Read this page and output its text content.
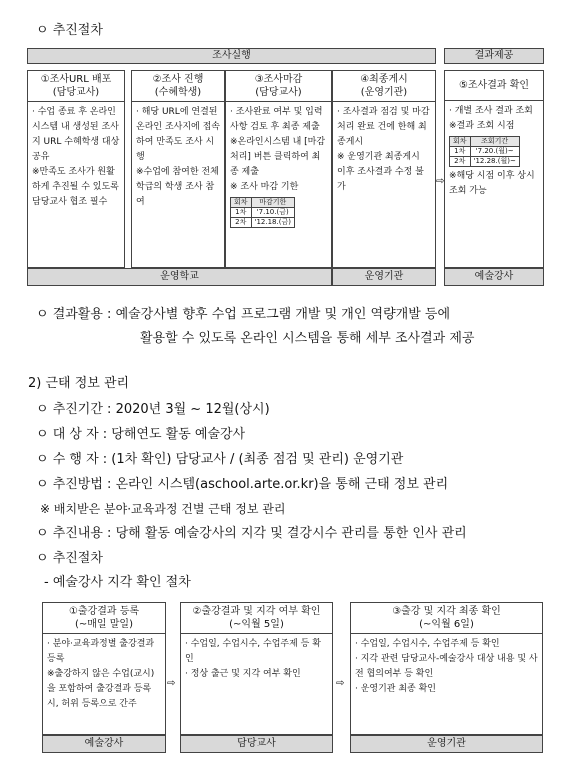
ㅇ 추진절차
조사실행	결과제공
①조사URL 배포
(담당교사)
· 수업 종료 후 온라인시스템 내 생성된 조사지 URL 수혜학생 대상 공유
※만족도 조사가 원활하게 추진될 수 있도록 담당교사 협조 필수
②조사 진행
(수혜학생)
· 해당 URL에 연결된 온라인 조사지에 접속하여 만족도 조사 시행
※수업에 참여한 전체 학급의 학생 조사 참여
③조사마감
(담당교사)
· 조사완료 여부 및 입력사항 검토 후 최종 제출
※온라인시스템 내 [마감처리] 버튼 클릭하여 최종 제출
※ 조사 마감 기한
회차	마감기한
1차	'7.10.(금)
2차	'12.18.(금)
④최종게시
(운영기관)
· 조사결과 점검 및 마감처리 완료 건에 한해 최종게시
※ 운영기관 최종게시 이후 조사결과 수정 불가	⇨
⑤조사결과 확인
· 개별 조사 결과 조회
※결과 조회 시점
회차	조회기간
1차	'7.20.(월)~
2차	'12.28.(월)~
※해당 시점 이후 상시 조회 가능
운영학교	운영기관	예술강사
ㅇ 결과활용 : 예술강사별 향후 수업 프로그램 개발 및 개인 역량개발 등에
활용할 수 있도록 온라인 시스템을 통해 세부 조사결과 제공
2) 근태 정보 관리
ㅇ 추진기간 : 2020년 3월 ~ 12월(상시)
ㅇ 대 상 자 : 당해연도 활동 예술강사
ㅇ 수 행 자 : (1차 확인) 담당교사 / (최종 점검 및 관리) 운영기관
ㅇ 추진방법 : 온라인 시스템(aschool.arte.or.kr)을 통해 근태 정보 관리
※ 배치받은 분야·교육과정 건별 근태 정보 관리
ㅇ 추진내용 : 당해 활동 예술강사의 지각 및 결강시수 관리를 통한 인사 관리
ㅇ 추진절차
- 예술강사 지각 확인 절차
①출강결과 등록
(~매일 말일)
· 분야·교육과정별 출강결과 등록
※출강하지 않은 수업(교시)을 포함하여 출강결과 등록 시, 허위 등록으로 간주
⇨
②출강결과 및 지각 여부 확인
(~익월 5일)
· 수업일, 수업시수, 수업주제 등 확인
· 정상 출근 및 지각 여부 확인
⇨
③출강 및 지각 최종 확인
(~익월 6일)
· 수업일, 수업시수, 수업주제 등 확인
· 지각 관련 담당교사-예술강사 대상 내용 및 사전 협의여부 등 확인
· 운영기관 최종 확인
예술강사	담당교사	운영기관
